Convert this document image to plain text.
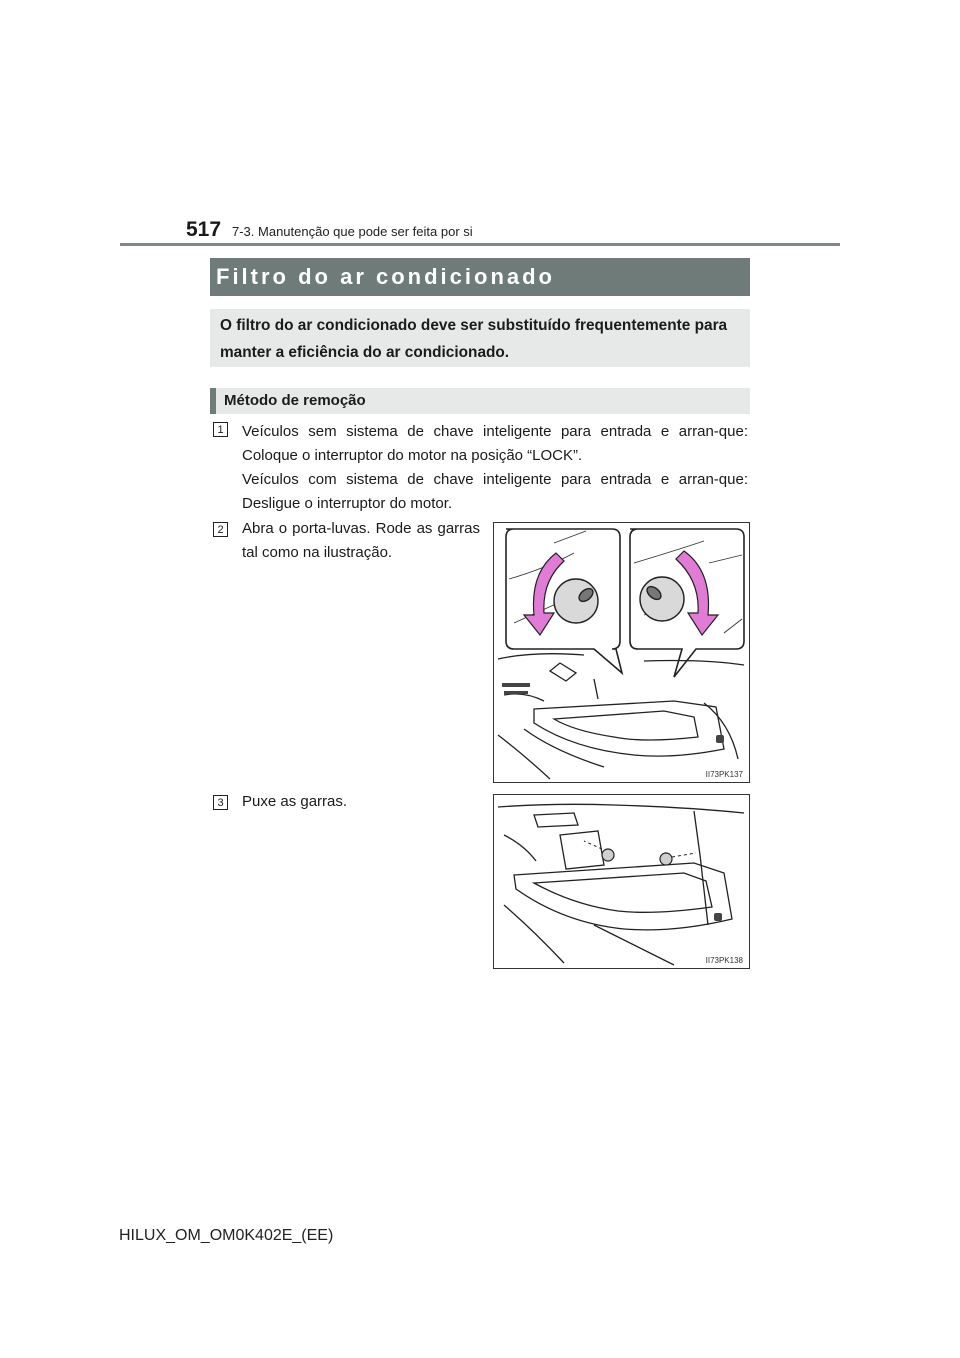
517 7-3. Manutenção que pode ser feita por si
Filtro do ar condicionado
O filtro do ar condicionado deve ser substituído frequentemente para manter a eficiência do ar condicionado.
Método de remoção
1 Veículos sem sistema de chave inteligente para entrada e arran-que: Coloque o interruptor do motor na posição “LOCK”.

Veículos com sistema de chave inteligente para entrada e arran-que: Desligue o interruptor do motor.

2 Abra o porta-luvas. Rode as garras tal como na ilustração.

II73PK137
3 Puxe as garras.

II73PK138
HILUX_OM_OM0K402E_(EE)
